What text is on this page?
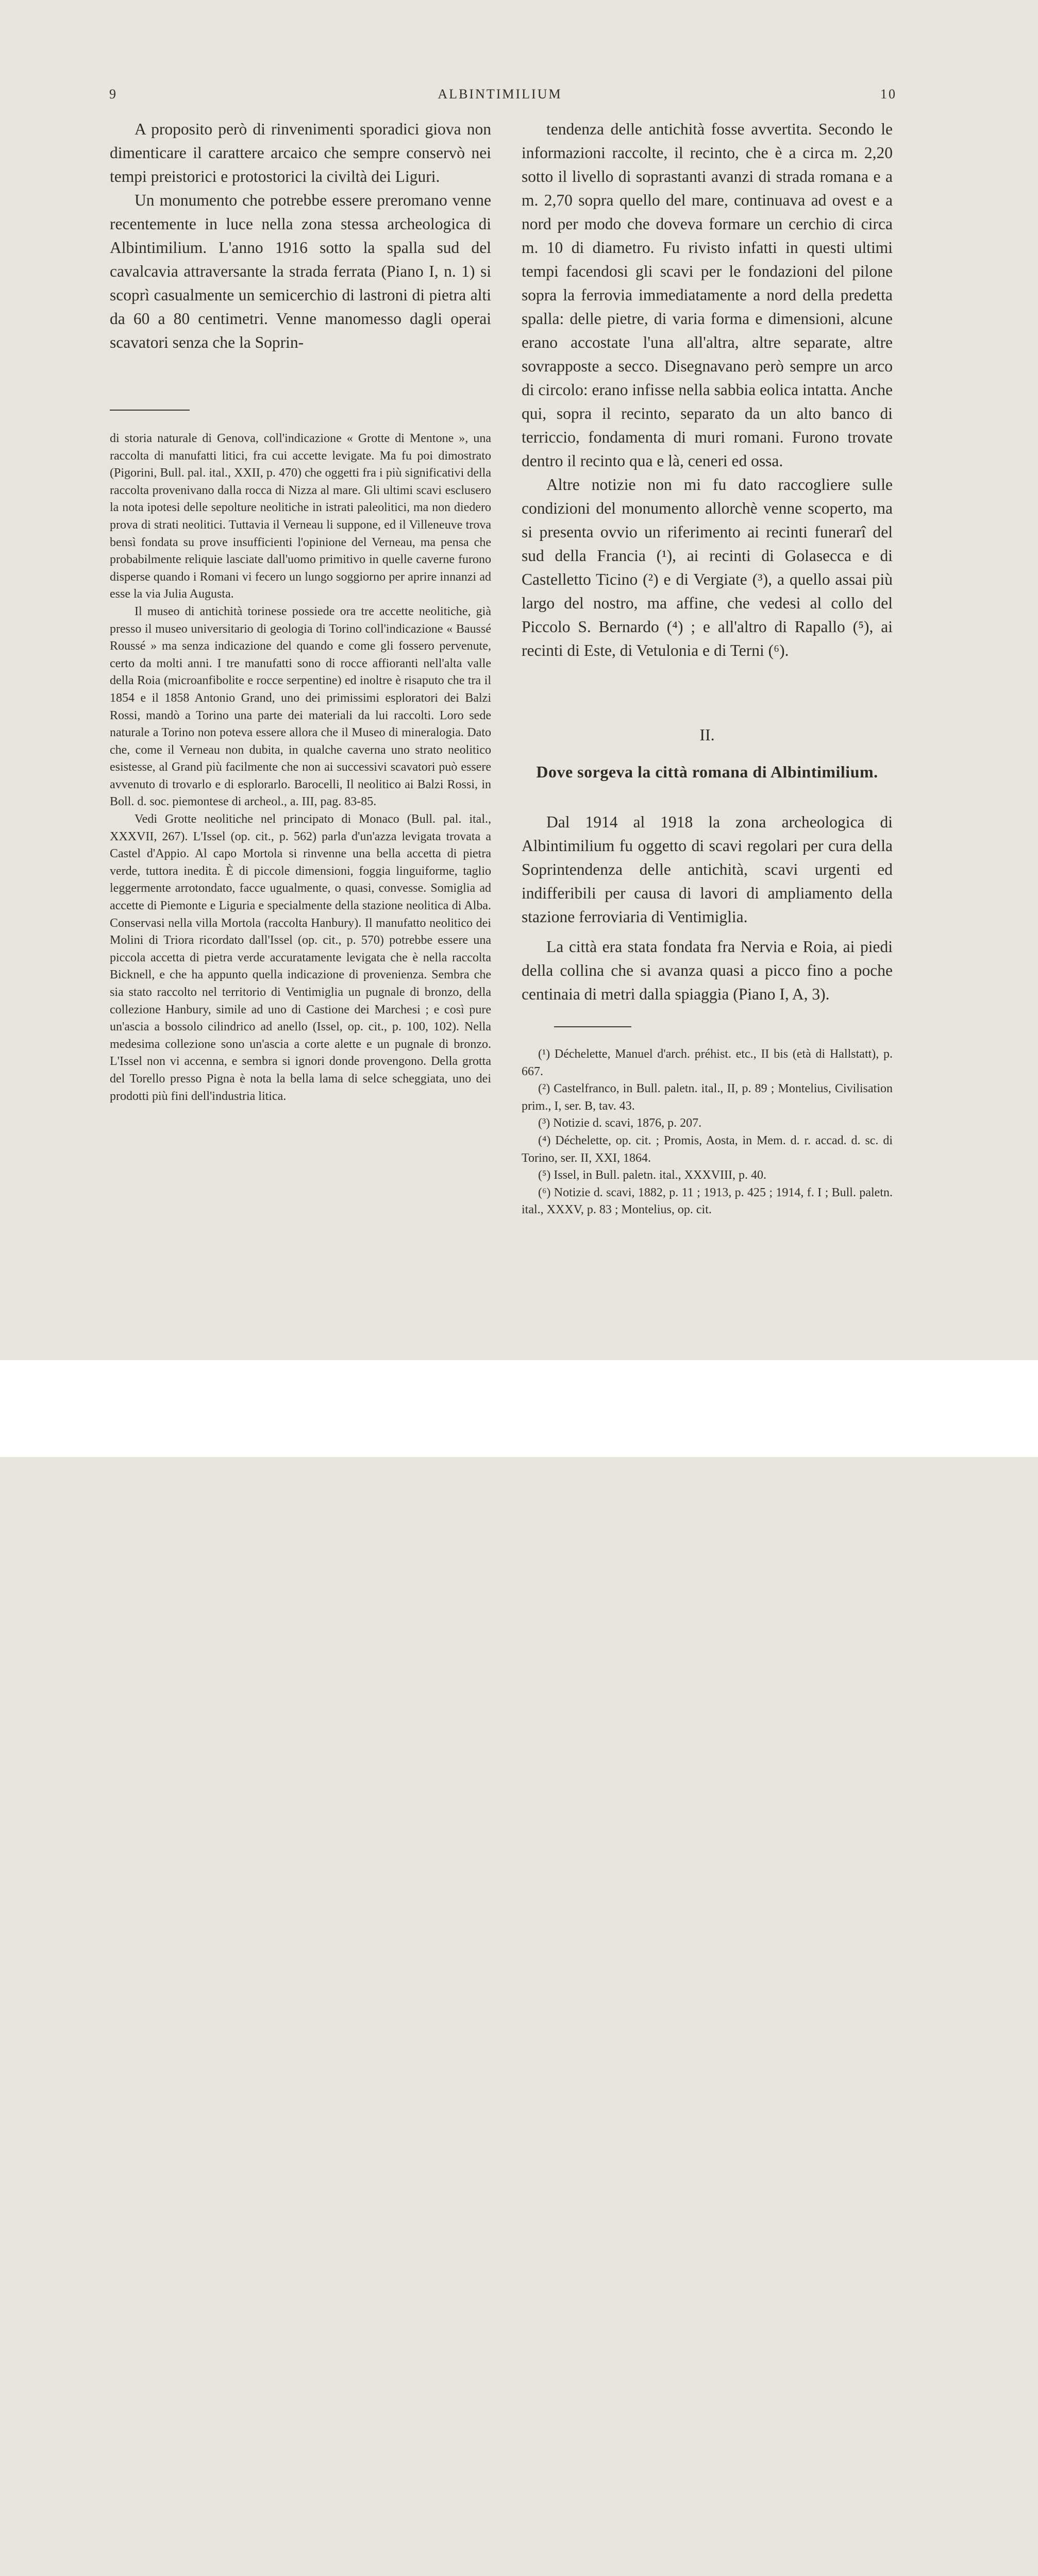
9	ALBINTIMILIUM	10

A proposito però di rinvenimenti sporadici giova non dimenticare il carattere arcaico che sempre conservò nei tempi preistorici e protostorici la civiltà dei Liguri.

Un monumento che potrebbe essere preromano venne recentemente in luce nella zona stessa archeologica di Albintimilium. L'anno 1916 sotto la spalla sud del cavalcavia attraversante la strada ferrata (Piano I, n. 1) si scoprì casualmente un semicerchio di lastroni di pietra alti da 60 a 80 centimetri. Venne manomesso dagli operai scavatori senza che la Soprin-

di storia naturale di Genova, coll'indicazione « Grotte di Mentone », una raccolta di manufatti litici, fra cui accette levigate. Ma fu poi dimostrato (Pigorini, Bull. pal. ital., XXII, p. 470) che oggetti fra i più significativi della raccolta provenivano dalla rocca di Nizza al mare. Gli ultimi scavi esclusero la nota ipotesi delle sepolture neolitiche in istrati paleolitici, ma non diedero prova di strati neolitici. Tuttavia il Verneau li suppone, ed il Villeneuve trova bensì fondata su prove insufficienti l'opinione del Verneau, ma pensa che probabilmente reliquie lasciate dall'uomo primitivo in quelle caverne furono disperse quando i Romani vi fecero un lungo soggiorno per aprire innanzi ad esse la via Julia Augusta.

Il museo di antichità torinese possiede ora tre accette neolitiche, già presso il museo universitario di geologia di Torino coll'indicazione « Baussé Roussé » ma senza indicazione del quando e come gli fossero pervenute, certo da molti anni. I tre manufatti sono di rocce affioranti nell'alta valle della Roia (microanfibolite e rocce serpentine) ed inoltre è risaputo che tra il 1854 e il 1858 Antonio Grand, uno dei primissimi esploratori dei Balzi Rossi, mandò a Torino una parte dei materiali da lui raccolti. Loro sede naturale a Torino non poteva essere allora che il Museo di mineralogia. Dato che, come il Verneau non dubita, in qualche caverna uno strato neolitico esistesse, al Grand più facilmente che non ai successivi scavatori può essere avvenuto di trovarlo e di esplorarlo. Barocelli, Il neolitico ai Balzi Rossi, in Boll. d. soc. piemontese di archeol., a. III, pag. 83-85.

Vedi Grotte neolitiche nel principato di Monaco (Bull. pal. ital., XXXVII, 267). L'Issel (op. cit., p. 562) parla d'un'azza levigata trovata a Castel d'Appio. Al capo Mortola si rinvenne una bella accetta di pietra verde, tuttora inedita. È di piccole dimensioni, foggia linguiforme, taglio leggermente arrotondato, facce ugualmente, o quasi, convesse. Somiglia ad accette di Piemonte e Liguria e specialmente della stazione neolitica di Alba. Conservasi nella villa Mortola (raccolta Hanbury). Il manufatto neolitico dei Molini di Triora ricordato dall'Issel (op. cit., p. 570) potrebbe essere una piccola accetta di pietra verde accuratamente levigata che è nella raccolta Bicknell, e che ha appunto quella indicazione di provenienza. Sembra che sia stato raccolto nel territorio di Ventimiglia un pugnale di bronzo, della collezione Hanbury, simile ad uno di Castione dei Marchesi ; e così pure un'ascia a bossolo cilindrico ad anello (Issel, op. cit., p. 100, 102). Nella medesima collezione sono un'ascia a corte alette e un pugnale di bronzo. L'Issel non vi accenna, e sembra si ignori donde provengono. Della grotta del Torello presso Pigna è nota la bella lama di selce scheggiata, uno dei prodotti più fini dell'industria litica.

tendenza delle antichità fosse avvertita. Secondo le informazioni raccolte, il recinto, che è a circa m. 2,20 sotto il livello di soprastanti avanzi di strada romana e a m. 2,70 sopra quello del mare, continuava ad ovest e a nord per modo che doveva formare un cerchio di circa m. 10 di diametro. Fu rivisto infatti in questi ultimi tempi facendosi gli scavi per le fondazioni del pilone sopra la ferrovia immediatamente a nord della predetta spalla: delle pietre, di varia forma e dimensioni, alcune erano accostate l'una all'altra, altre separate, altre sovrapposte a secco. Disegnavano però sempre un arco di circolo: erano infisse nella sabbia eolica intatta. Anche qui, sopra il recinto, separato da un alto banco di terriccio, fondamenta di muri romani. Furono trovate dentro il recinto qua e là, ceneri ed ossa.

Altre notizie non mi fu dato raccogliere sulle condizioni del monumento allorchè venne scoperto, ma si presenta ovvio un riferimento ai recinti funerarî del sud della Francia (¹), ai recinti di Golasecca e di Castelletto Ticino (²) e di Vergiate (³), a quello assai più largo del nostro, ma affine, che vedesi al collo del Piccolo S. Bernardo (⁴) ; e all'altro di Rapallo (⁵), ai recinti di Este, di Vetulonia e di Terni (⁶).

II.
Dove sorgeva la città romana di Albintimilium.

Dal 1914 al 1918 la zona archeologica di Albintimilium fu oggetto di scavi regolari per cura della Soprintendenza delle antichità, scavi urgenti ed indifferibili per causa di lavori di ampliamento della stazione ferroviaria di Ventimiglia.

La città era stata fondata fra Nervia e Roia, ai piedi della collina che si avanza quasi a picco fino a poche centinaia di metri dalla spiaggia (Piano I, A, 3).

(¹) Déchelette, Manuel d'arch. préhist. etc., II bis (età di Hallstatt), p. 667.

(²) Castelfranco, in Bull. paletn. ital., II, p. 89 ; Montelius, Civilisation prim., I, ser. B, tav. 43.

(³) Notizie d. scavi, 1876, p. 207.

(⁴) Déchelette, op. cit. ; Promis, Aosta, in Mem. d. r. accad. d. sc. di Torino, ser. II, XXI, 1864.

(⁵) Issel, in Bull. paletn. ital., XXXVIII, p. 40.

(⁶) Notizie d. scavi, 1882, p. 11 ; 1913, p. 425 ; 1914, f. I ; Bull. paletn. ital., XXXV, p. 83 ; Montelius, op. cit.
